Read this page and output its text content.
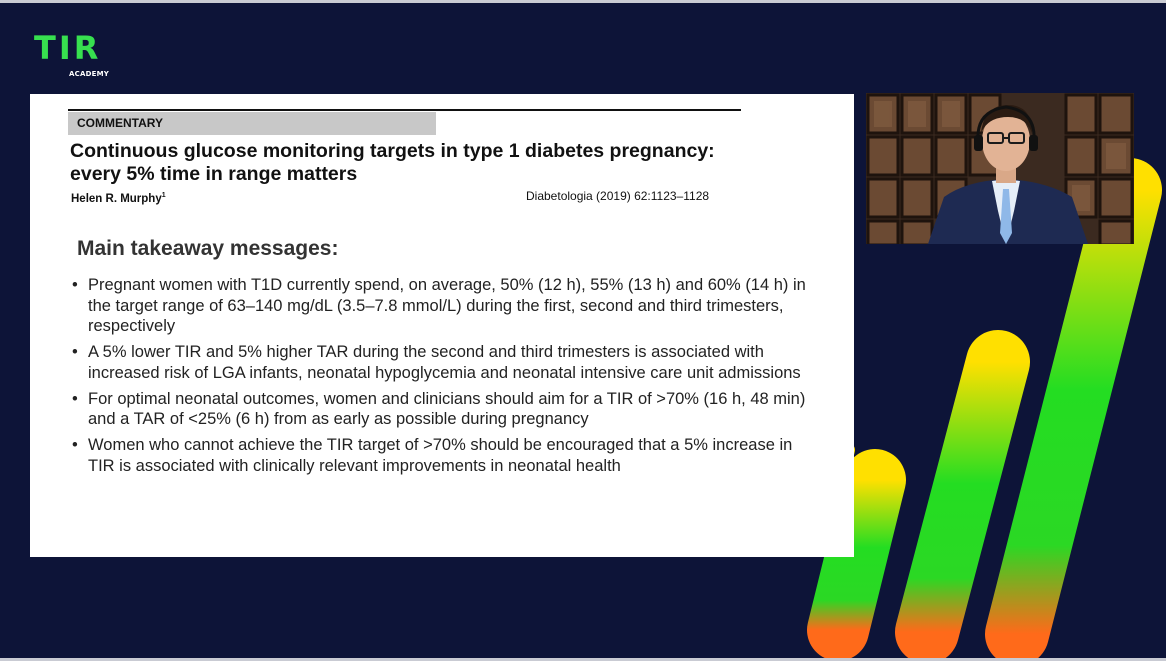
TIR
ACADEMY
COMMENTARY
Continuous glucose monitoring targets in type 1 diabetes pregnancy: every 5% time in range matters
Helen R. Murphy$^1$	Diabetologia (2019) 62:1123–1128
Main takeaway messages:
• Pregnant women with T1D currently spend, on average, 50% (12 h), 55% (13 h) and 60% (14 h) in the target range of 63–140 mg/dL (3.5–7.8 mmol/L) during the first, second and third trimesters, respectively
• A 5% lower TIR and 5% higher TAR during the second and third trimesters is associated with increased risk of LGA infants, neonatal hypoglycemia and neonatal intensive care unit admissions
• For optimal neonatal outcomes, women and clinicians should aim for a TIR of >70% (16 h, 48 min) and a TAR of <25% (6 h) from as early as possible during pregnancy
• Women who cannot achieve the TIR target of >70% should be encouraged that a 5% increase in TIR is associated with clinically relevant improvements in neonatal health
